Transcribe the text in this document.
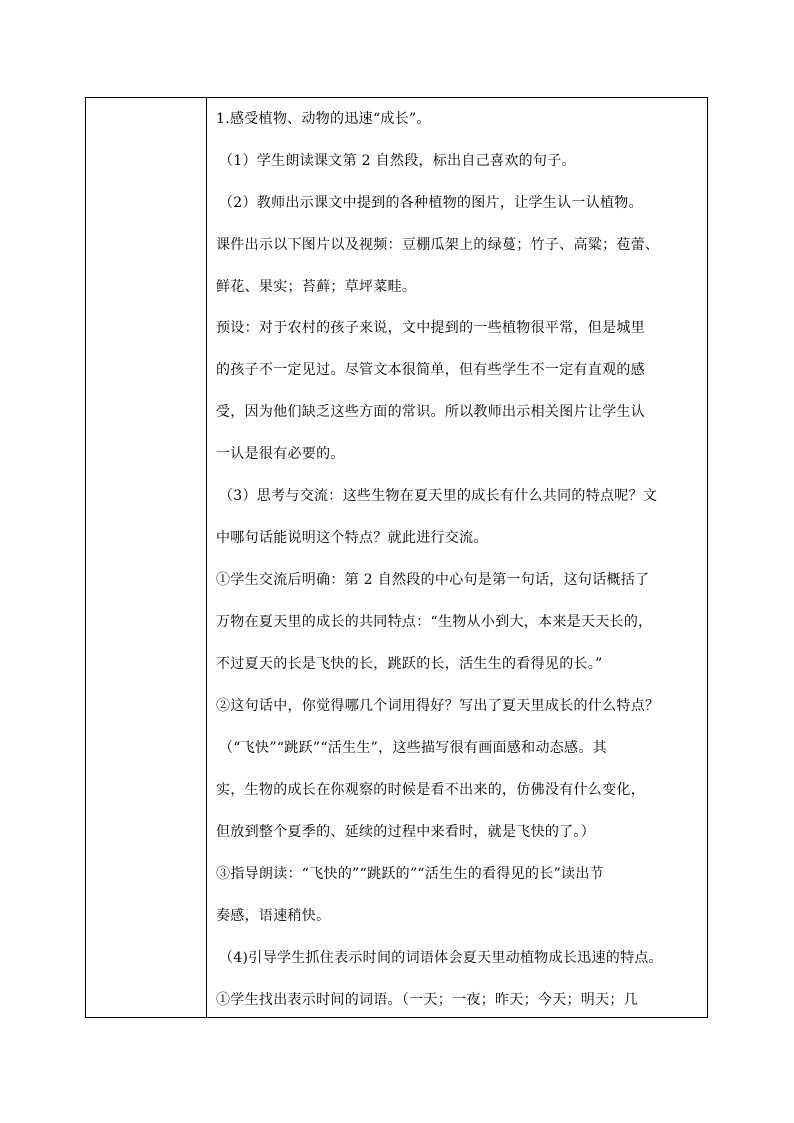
1.感受植物、动物的迅速“成长”。
（1）学生朗读课文第 2 自然段，标出自己喜欢的句子。
（2）教师出示课文中提到的各种植物的图片，让学生认一认植物。
课件出示以下图片以及视频：豆棚瓜架上的绿蔓；竹子、高粱；苞蕾、
鲜花、果实；苔藓；草坪菜畦。
预设：对于农村的孩子来说，文中提到的一些植物很平常，但是城里
的孩子不一定见过。尽管文本很简单，但有些学生不一定有直观的感
受，因为他们缺乏这些方面的常识。所以教师出示相关图片让学生认
一认是很有必要的。
（3）思考与交流：这些生物在夏天里的成长有什么共同的特点呢？文
中哪句话能说明这个特点？就此进行交流。
①学生交流后明确：第 2 自然段的中心句是第一句话，这句话概括了
万物在夏天里的成长的共同特点：“生物从小到大，本来是天天长的，
不过夏天的长是飞快的长，跳跃的长，活生生的看得见的长。”
②这句话中，你觉得哪几个词用得好？写出了夏天里成长的什么特点？
（“飞快”“跳跃”“活生生”，这些描写很有画面感和动态感。其
实，生物的成长在你观察的时候是看不出来的，仿佛没有什么变化，
但放到整个夏季的、延续的过程中来看时，就是飞快的了。）
③指导朗读：“飞快的”“跳跃的”“活生生的看得见的长”读出节
奏感，语速稍快。
（4)引导学生抓住表示时间的词语体会夏天里动植物成长迅速的特点。
①学生找出表示时间的词语。（一天；一夜；昨天；今天；明天；几
